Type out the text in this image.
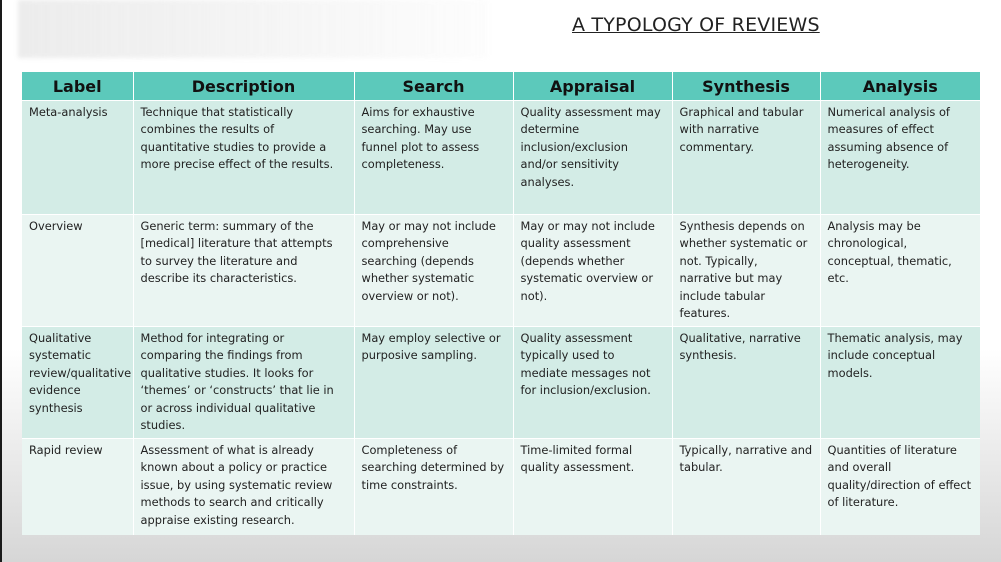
A TYPOLOGY OF REVIEWS
Label	Description	Search	Appraisal	Synthesis	Analysis
Meta-analysis	Technique that statistically combines the results of quantitative studies to provide a more precise effect of the results.	Aims for exhaustive searching. May use funnel plot to assess completeness.	Quality assessment may determine inclusion/exclusion and/or sensitivity analyses.	Graphical and tabular with narrative commentary.	Numerical analysis of measures of effect assuming absence of heterogeneity.
Overview	Generic term: summary of the [medical] literature that attempts to survey the literature and describe its characteristics.	May or may not include comprehensive searching (depends whether systematic overview or not).	May or may not include quality assessment (depends whether systematic overview or not).	Synthesis depends on whether systematic or not. Typically, narrative but may include tabular features.	Analysis may be chronological, conceptual, thematic, etc.
Qualitative systematic review/qualitative evidence synthesis	Method for integrating or comparing the findings from qualitative studies. It looks for ‘themes’ or ‘constructs’ that lie in or across individual qualitative studies.	May employ selective or purposive sampling.	Quality assessment typically used to mediate messages not for inclusion/exclusion.	Qualitative, narrative synthesis.	Thematic analysis, may include conceptual models.
Rapid review	Assessment of what is already known about a policy or practice issue, by using systematic review methods to search and critically appraise existing research.	Completeness of searching determined by time constraints.	Time-limited formal quality assessment.	Typically, narrative and tabular.	Quantities of literature and overall quality/direction of effect of literature.
